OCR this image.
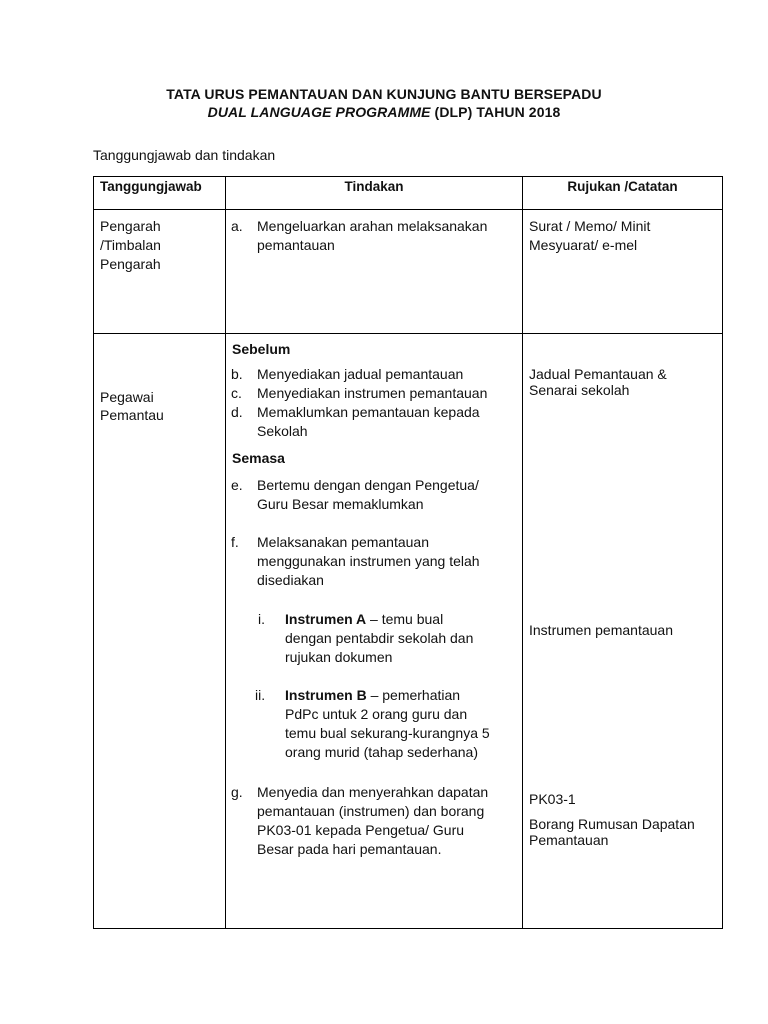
TATA URUS PEMANTAUAN DAN KUNJUNG BANTU BERSEPADU
DUAL LANGUAGE PROGRAMME (DLP) TAHUN 2018
Tanggungjawab dan tindakan
Tanggungjawab	Tindakan	Rujukan /Catatan
Pengarah
/Timbalan
Pengarah
a. Mengeluarkan arahan melaksanakan
pemantauan
Surat / Memo/ Minit
Mesyuarat/ e-mel
Pegawai
Pemantau
Sebelum
b. Menyediakan jadual pemantauan
c. Menyediakan instrumen pemantauan
d. Memaklumkan pemantauan kepada
Sekolah
Semasa
e. Bertemu dengan dengan Pengetua/
Guru Besar memaklumkan
f. Melaksanakan pemantauan
menggunakan instrumen yang telah
disediakan
i. Instrumen A – temu bual
dengan pentabdir sekolah dan
rujukan dokumen
ii. Instrumen B – pemerhatian
PdPc untuk 2 orang guru dan
temu bual sekurang-kurangnya 5
orang murid (tahap sederhana)
g. Menyedia dan menyerahkan dapatan
pemantauan (instrumen) dan borang
PK03-01 kepada Pengetua/ Guru
Besar pada hari pemantauan.
Jadual Pemantauan &
Senarai sekolah
Instrumen pemantauan
PK03-1
Borang Rumusan Dapatan
Pemantauan
